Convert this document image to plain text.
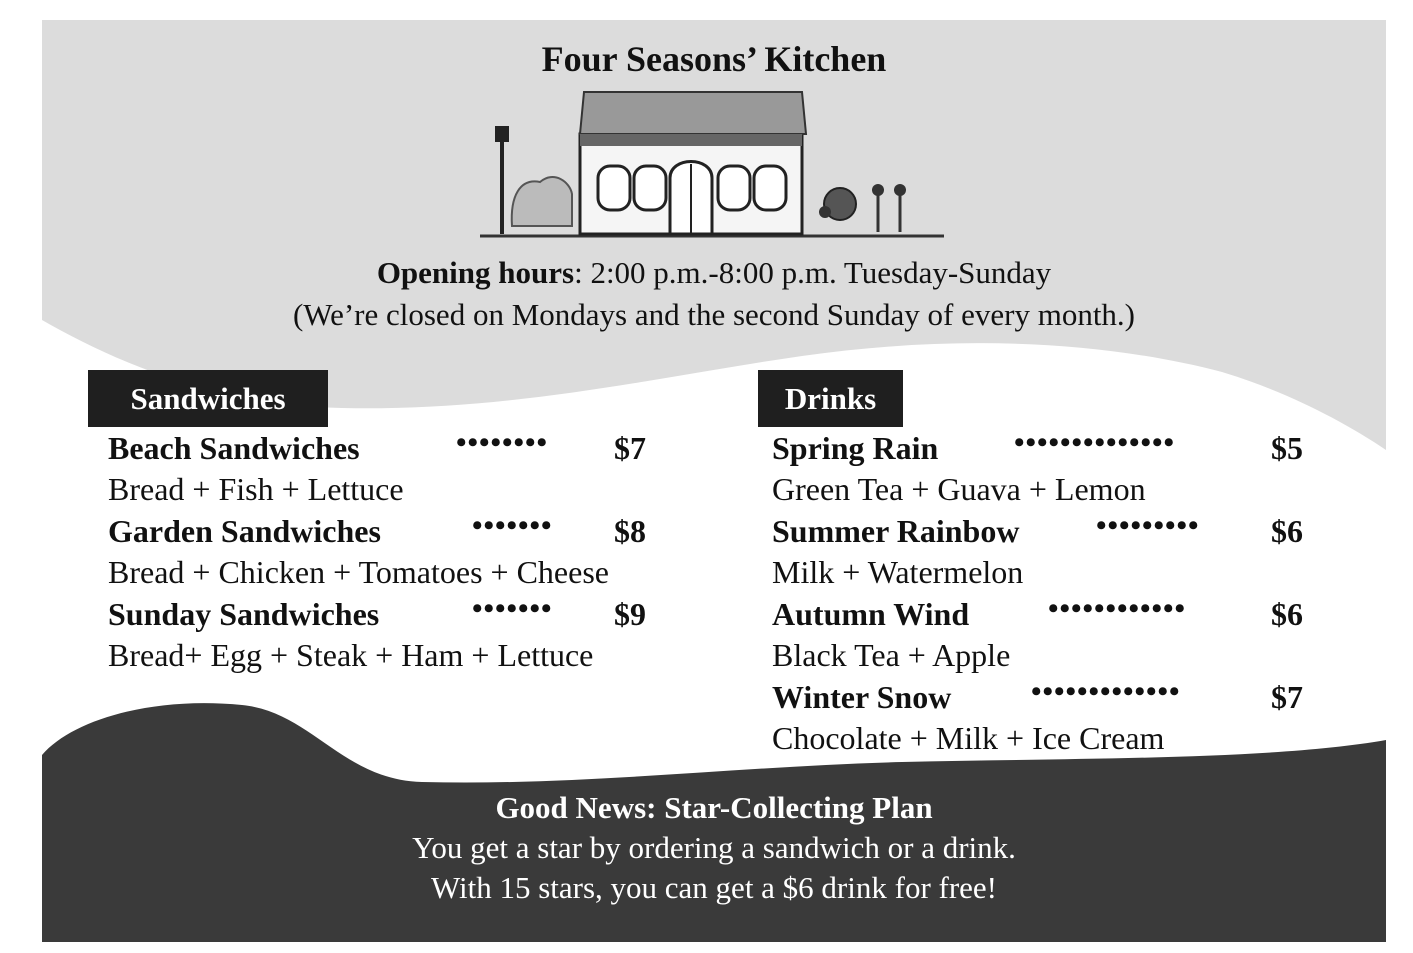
Four Seasons’ Kitchen
Opening hours: 2:00 p.m.-8:00 p.m. Tuesday-Sunday
(We’re closed on Mondays and the second Sunday of every month.)
Sandwiches
Beach Sandwiches	•••••••• $7
Bread + Fish + Lettuce
Garden Sandwiches	••••••• $8
Bread + Chicken + Tomatoes + Cheese
Sunday Sandwiches	••••••• $9
Bread+ Egg + Steak + Ham + Lettuce
Drinks
Spring Rain	••••••••••••••	$5
Green Tea + Guava + Lemon
Summer Rainbow	••••••••• $6
Milk + Watermelon
Autumn Wind	••••••••••••	$6
Black Tea + Apple
Winter Snow	•••••••••••••	$7
Chocolate + Milk + Ice Cream
Good News: Star-Collecting Plan
You get a star by ordering a sandwich or a drink.
With 15 stars, you can get a $6 drink for free!
